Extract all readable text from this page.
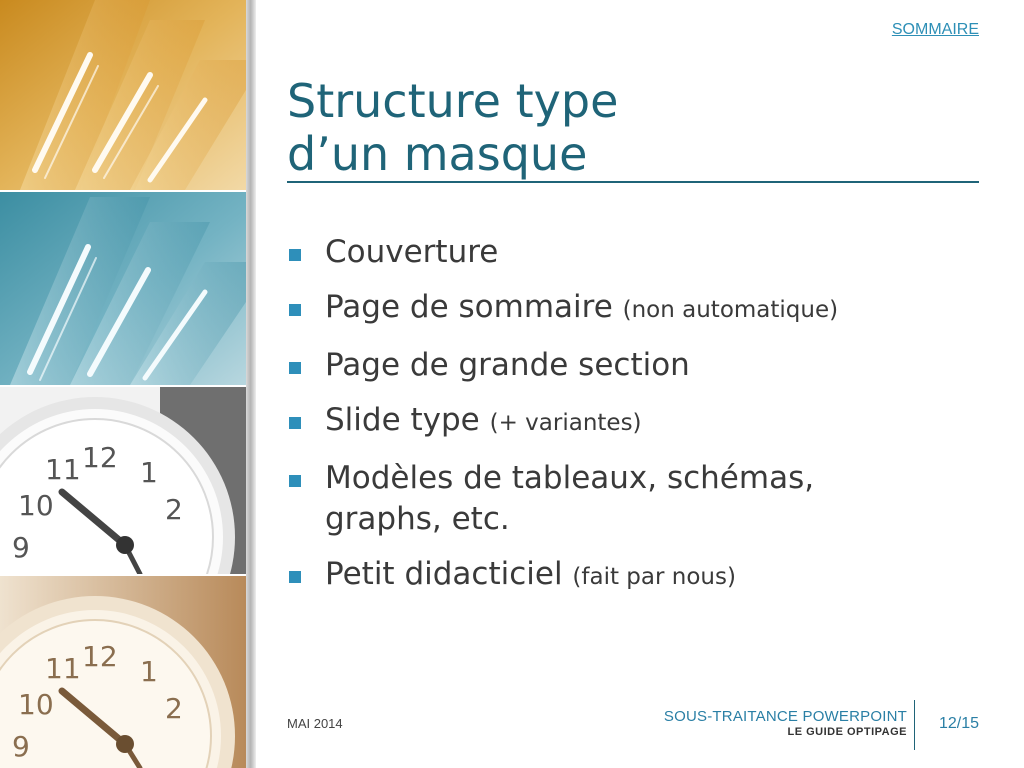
11 12 1
10	2
9
11 12 1
10	2
9
SOMMAIRE
Structure type
d’un masque
Couverture
Page de sommaire (non automatique)
Page de grande section
Slide type (+ variantes)
Modèles de tableaux, schémas, graphs, etc.
Petit didacticiel (fait par nous)
MAI 2014	SOUS-TRAITANCE POWERPOINT
LE GUIDE OPTIPAGE 12/15
